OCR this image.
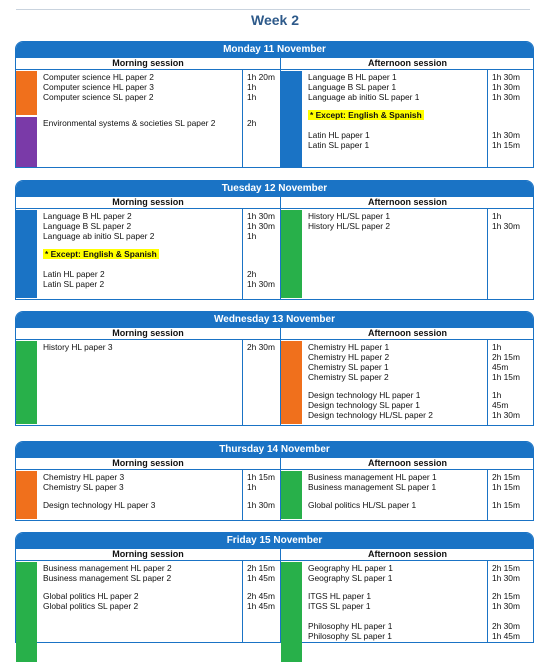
Week 2
Monday 11 November
Morning session
Computer science HL paper 2	1h 20m
Computer science HL paper 3	1h
Computer science SL paper 2	1h
Environmental systems & societies SL paper 2	2h
Afternoon session
Language B HL paper 1	1h 30m
Language B SL paper 1	1h 30m
Language ab initio SL paper 1	1h 30m
* Except: English & Spanish
Latin HL paper 1	1h 30m
Latin SL paper 1	1h 15m
Tuesday 12 November
Morning session
Language B HL paper 2	1h 30m
Language B SL paper 2	1h 30m
Language ab initio SL paper 2	1h
* Except: English & Spanish
Latin HL paper 2	2h
Latin SL paper 2	1h 30m
Afternoon session
History HL/SL paper 1	1h
History HL/SL paper 2	1h 30m
Wednesday 13 November
Morning session
History HL paper 3	2h 30m
Afternoon session
Chemistry HL paper 1	1h
Chemistry HL paper 2	2h 15m
Chemistry SL paper 1	45m
Chemistry SL paper 2	1h 15m
Design technology HL paper 1	1h
Design technology SL paper 1	45m
Design technology HL/SL paper 2	1h 30m
Thursday 14 November
Morning session
Chemistry HL paper 3	1h 15m
Chemistry SL paper 3	1h
Design technology HL paper 3	1h 30m
Afternoon session
Business management HL paper 1	2h 15m
Business management SL paper 1	1h 15m
Global politics HL/SL paper 1	1h 15m
Friday 15 November
Morning session
Business management HL paper 2	2h 15m
Business management SL paper 2	1h 45m
Global politics HL paper 2	2h 45m
Global politics SL paper 2	1h 45m
Afternoon session
Geography HL paper 1	2h 15m
Geography SL paper 1	1h 30m
ITGS HL paper 1	2h 15m
ITGS SL paper 1	1h 30m
Philosophy HL paper 1	2h 30m
Philosophy SL paper 1	1h 45m
